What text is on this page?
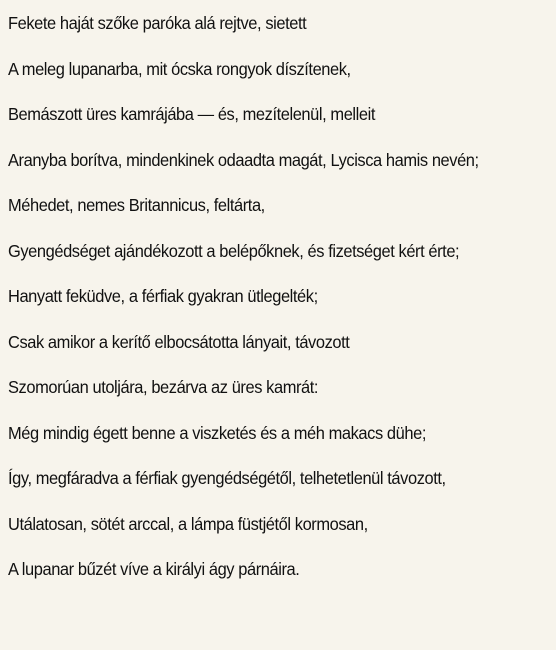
Fekete haját szőke paróka alá rejtve, sietett
A meleg lupanarba, mit ócska rongyok díszítenek,
Bemászott üres kamrájába — és, mezítelenül, melleit
Aranyba borítva, mindenkinek odaadta magát, Lycisca hamis nevén;
Méhedet, nemes Britannicus, feltárta,
Gyengédséget ajándékozott a belépőknek, és fizetséget kért érte;
Hanyatt feküdve, a férfiak gyakran ütlegelték;
Csak amikor a kerítő elbocsátotta lányait, távozott
Szomorúan utoljára, bezárva az üres kamrát:
Még mindig égett benne a viszketés és a méh makacs dühe;
Így, megfáradva a férfiak gyengédségétől, telhetetlenül távozott,
Utálatosan, sötét arccal, a lámpa füstjétől kormosan,
A lupanar bűzét víve a királyi ágy párnáira.
